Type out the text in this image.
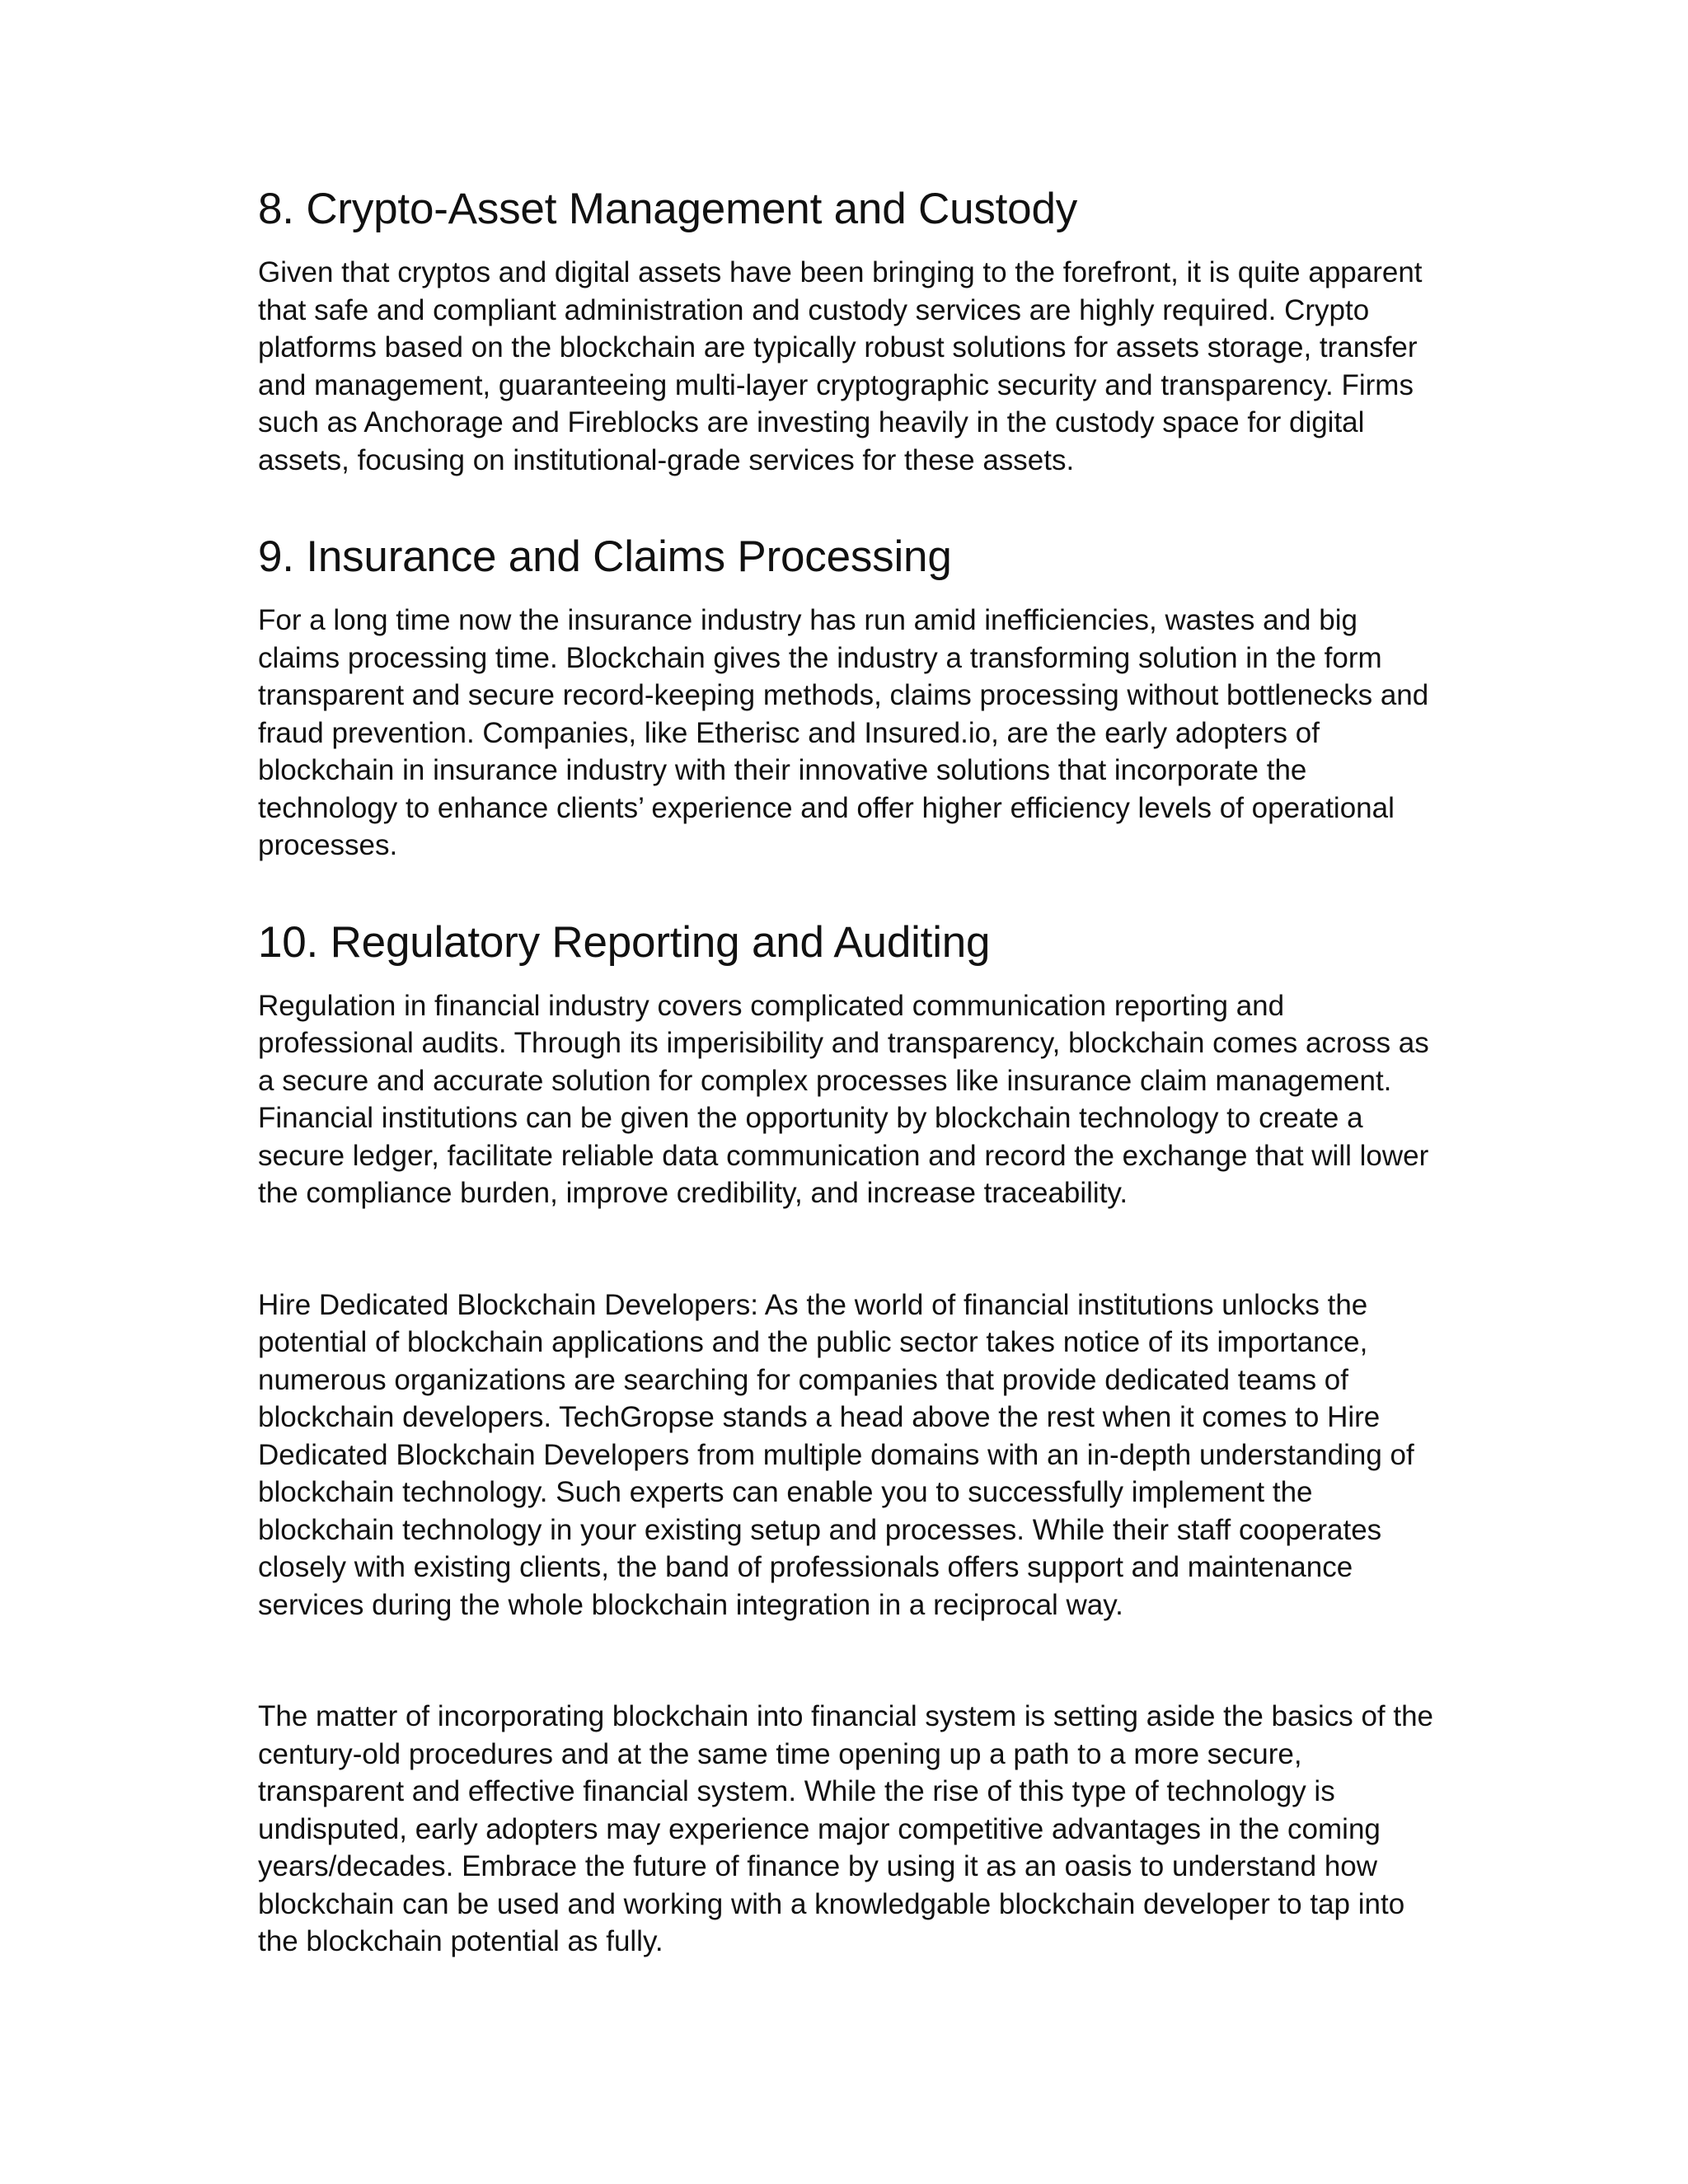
8. Crypto-Asset Management and Custody

Given that cryptos and digital assets have been bringing to the forefront, it is quite apparent
that safe and compliant administration and custody services are highly required. Crypto
platforms based on the blockchain are typically robust solutions for assets storage, transfer
and management, guaranteeing multi-layer cryptographic security and transparency. Firms
such as Anchorage and Fireblocks are investing heavily in the custody space for digital
assets, focusing on institutional-grade services for these assets.

9. Insurance and Claims Processing

For a long time now the insurance industry has run amid inefficiencies, wastes and big
claims processing time. Blockchain gives the industry a transforming solution in the form
transparent and secure record-keeping methods, claims processing without bottlenecks and
fraud prevention. Companies, like Etherisc and Insured.io, are the early adopters of
blockchain in insurance industry with their innovative solutions that incorporate the
technology to enhance clients’ experience and offer higher efficiency levels of operational
processes.

10. Regulatory Reporting and Auditing

Regulation in financial industry covers complicated communication reporting and
professional audits. Through its imperisibility and transparency, blockchain comes across as
a secure and accurate solution for complex processes like insurance claim management.
Financial institutions can be given the opportunity by blockchain technology to create a
secure ledger, facilitate reliable data communication and record the exchange that will lower
the compliance burden, improve credibility, and increase traceability.

Hire Dedicated Blockchain Developers: As the world of financial institutions unlocks the
potential of blockchain applications and the public sector takes notice of its importance,
numerous organizations are searching for companies that provide dedicated teams of
blockchain developers. TechGropse stands a head above the rest when it comes to Hire
Dedicated Blockchain Developers from multiple domains with an in-depth understanding of
blockchain technology. Such experts can enable you to successfully implement the
blockchain technology in your existing setup and processes. While their staff cooperates
closely with existing clients, the band of professionals offers support and maintenance
services during the whole blockchain integration in a reciprocal way.

The matter of incorporating blockchain into financial system is setting aside the basics of the
century-old procedures and at the same time opening up a path to a more secure,
transparent and effective financial system. While the rise of this type of technology is
undisputed, early adopters may experience major competitive advantages in the coming
years/decades. Embrace the future of finance by using it as an oasis to understand how
blockchain can be used and working with a knowledgable blockchain developer to tap into
the blockchain potential as fully.
